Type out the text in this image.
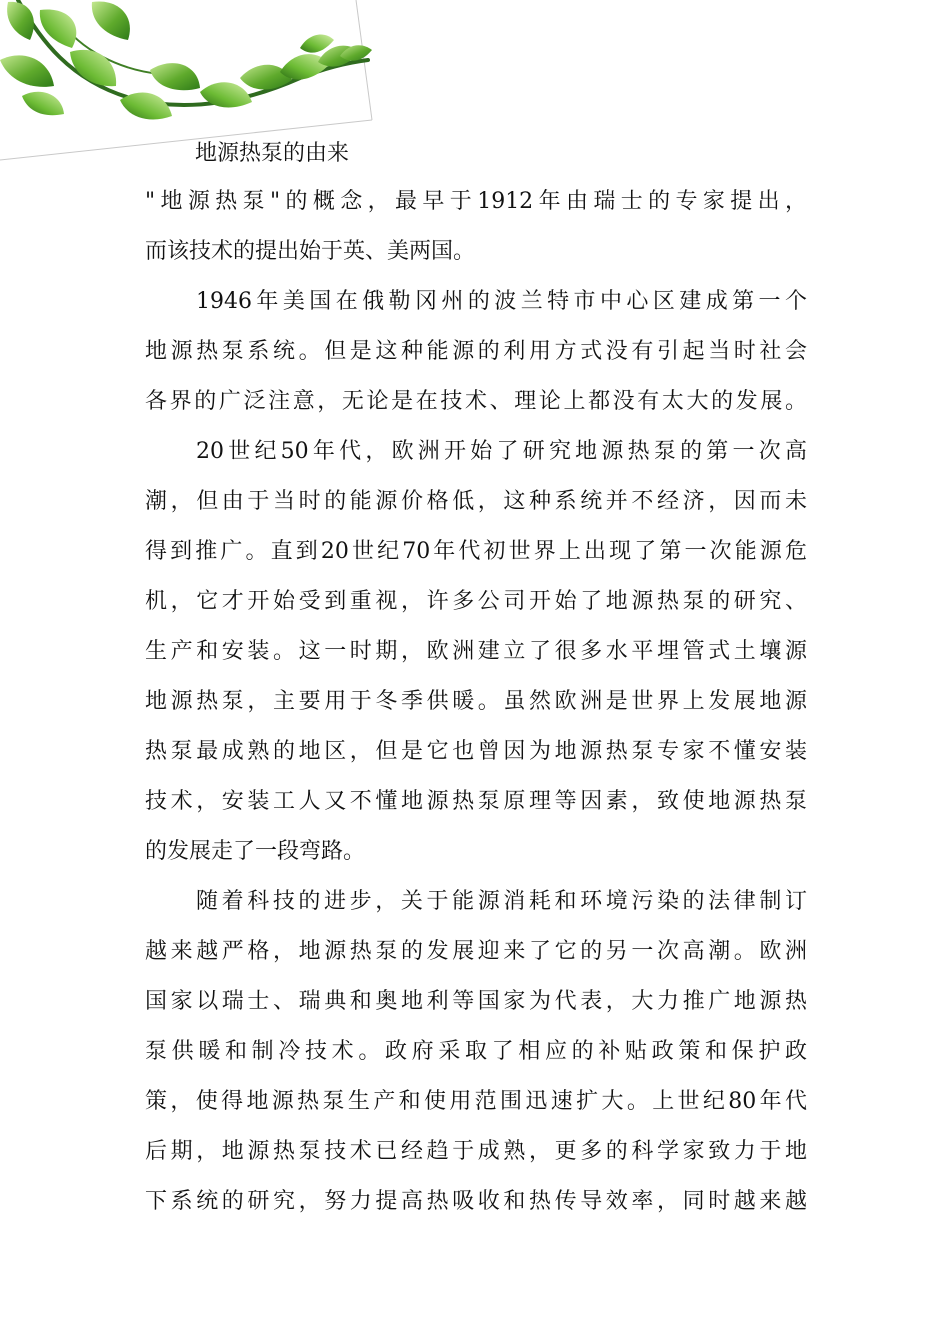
地源热泵的由来
"地源热泵"的概念，最早于1912年由瑞士的专家提出，
而该技术的提出始于英、美两国。
1946年美国在俄勒冈州的波兰特市中心区建成第一个
地源热泵系统。但是这种能源的利用方式没有引起当时社会
各界的广泛注意，无论是在技术、理论上都没有太大的发展。
20世纪50年代，欧洲开始了研究地源热泵的第一次高
潮，但由于当时的能源价格低，这种系统并不经济，因而未
得到推广。直到20世纪70年代初世界上出现了第一次能源危
机，它才开始受到重视，许多公司开始了地源热泵的研究、
生产和安装。这一时期，欧洲建立了很多水平埋管式土壤源
地源热泵，主要用于冬季供暖。虽然欧洲是世界上发展地源
热泵最成熟的地区，但是它也曾因为地源热泵专家不懂安装
技术，安装工人又不懂地源热泵原理等因素，致使地源热泵
的发展走了一段弯路。
随着科技的进步，关于能源消耗和环境污染的法律制订
越来越严格，地源热泵的发展迎来了它的另一次高潮。欧洲
国家以瑞士、瑞典和奥地利等国家为代表，大力推广地源热
泵供暖和制冷技术。政府采取了相应的补贴政策和保护政
策，使得地源热泵生产和使用范围迅速扩大。上世纪80年代
后期，地源热泵技术已经趋于成熟，更多的科学家致力于地
下系统的研究，努力提高热吸收和热传导效率，同时越来越
